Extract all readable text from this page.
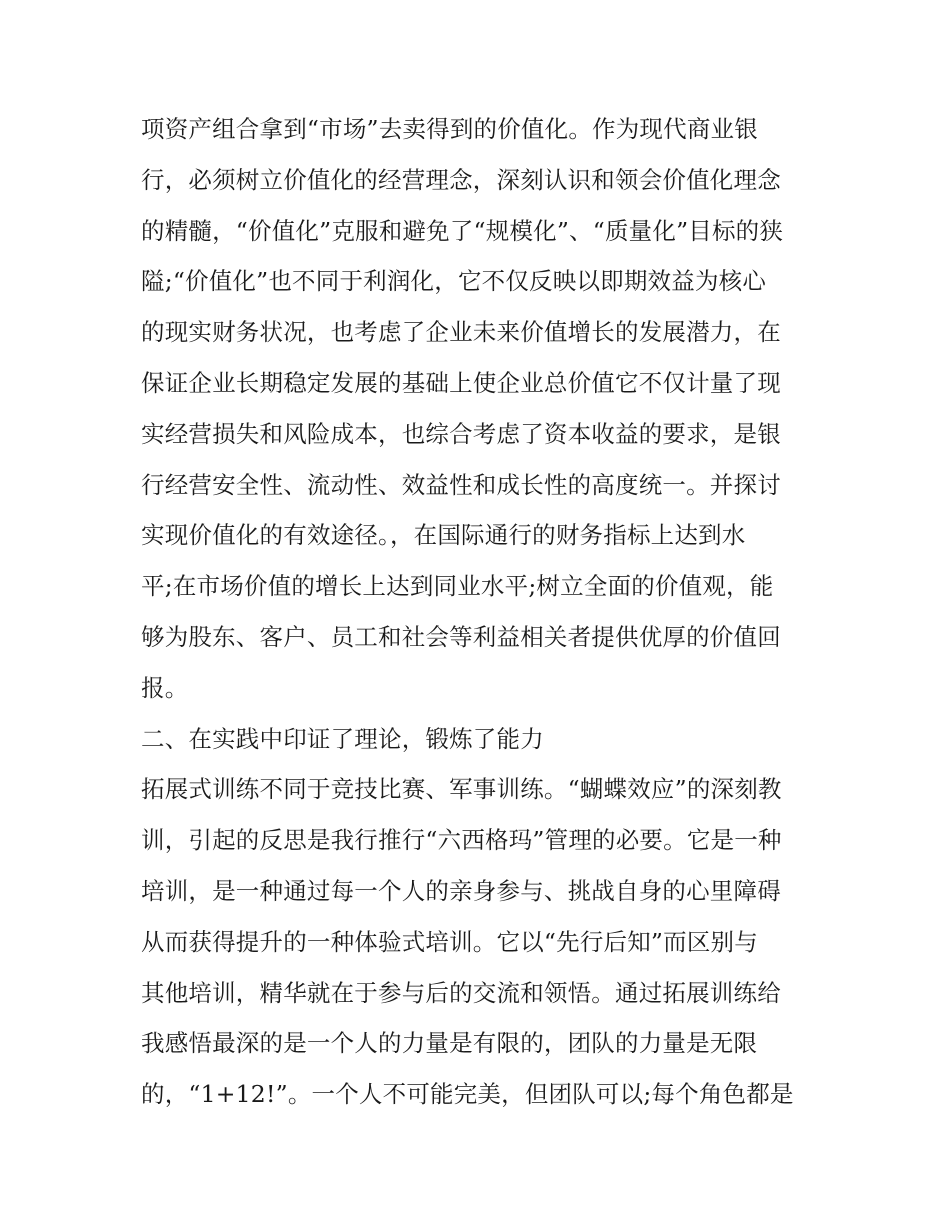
项资产组合拿到“市场”去卖得到的价值化。作为现代商业银
行，必须树立价值化的经营理念，深刻认识和领会价值化理念
的精髓，“价值化”克服和避免了“规模化”、“质量化”目标的狭
隘;“价值化”也不同于利润化，它不仅反映以即期效益为核心
的现实财务状况，也考虑了企业未来价值增长的发展潜力，在
保证企业长期稳定发展的基础上使企业总价值它不仅计量了现
实经营损失和风险成本，也综合考虑了资本收益的要求，是银
行经营安全性、流动性、效益性和成长性的高度统一。并探讨
实现价值化的有效途径。，在国际通行的财务指标上达到水
平;在市场价值的增长上达到同业水平;树立全面的价值观，能
够为股东、客户、员工和社会等利益相关者提供优厚的价值回
报。
二、在实践中印证了理论，锻炼了能力
拓展式训练不同于竞技比赛、军事训练。“蝴蝶效应”的深刻教
训，引起的反思是我行推行“六西格玛”管理的必要。它是一种
培训，是一种通过每一个人的亲身参与、挑战自身的心里障碍
从而获得提升的一种体验式培训。它以“先行后知”而区别与
其他培训，精华就在于参与后的交流和领悟。通过拓展训练给
我感悟最深的是一个人的力量是有限的，团队的力量是无限
的，“1+12!”。一个人不可能完美，但团队可以;每个角色都是
